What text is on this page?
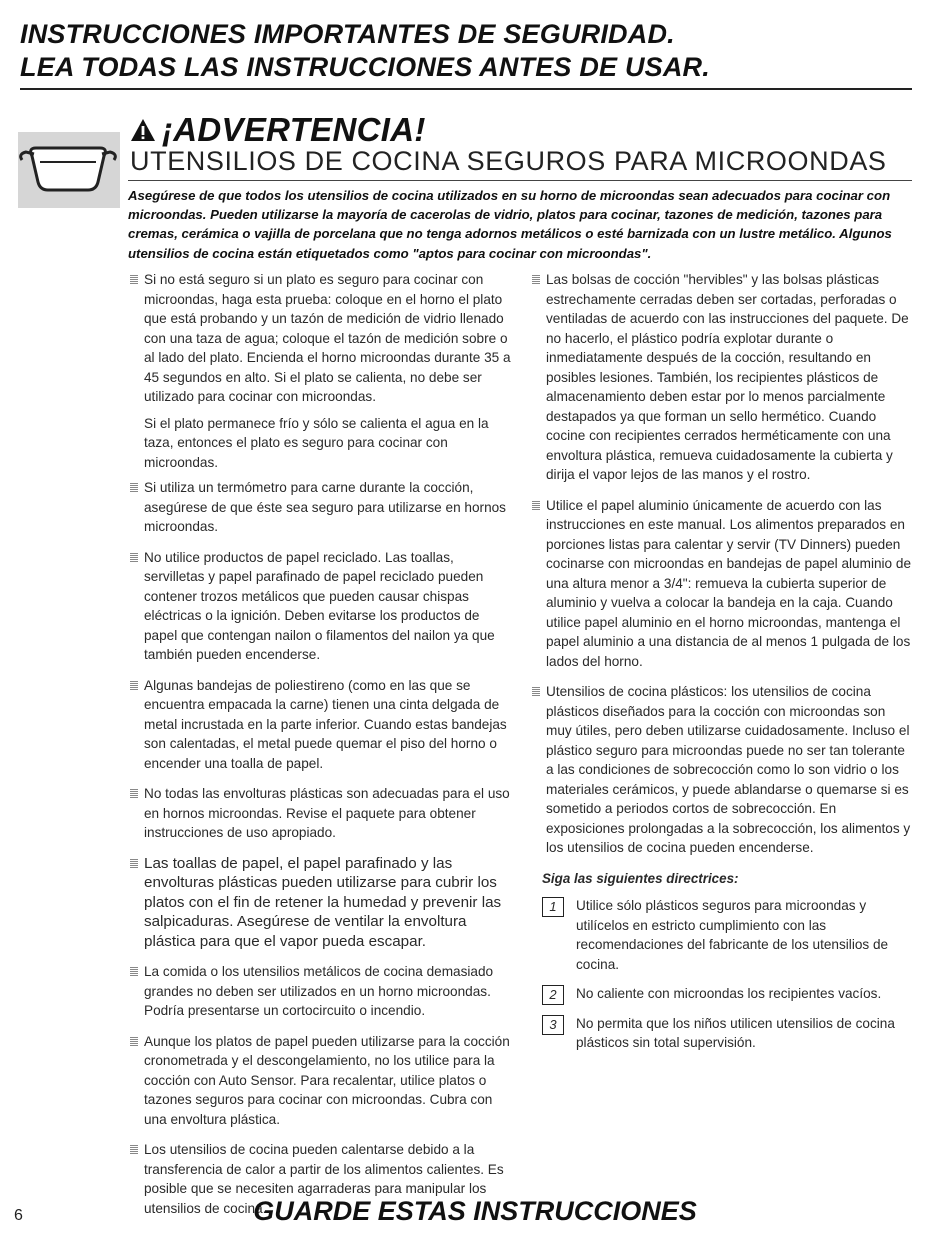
INSTRUCCIONES IMPORTANTES DE SEGURIDAD.
LEA TODAS LAS INSTRUCCIONES ANTES DE USAR.
¡ADVERTENCIA!
UTENSILIOS DE COCINA SEGUROS PARA MICROONDAS
Asegúrese de que todos los utensilios de cocina utilizados en su horno de microondas sean adecuados para cocinar con microondas. Pueden utilizarse la mayoría de cacerolas de vidrio, platos para cocinar, tazones de medición, tazones para cremas, cerámica o vajilla de porcelana que no tenga adornos metálicos o esté barnizada con un lustre metálico. Algunos utensilios de cocina están etiquetados como "aptos para cocinar con microondas".
Si no está seguro si un plato es seguro para cocinar con microondas, haga esta prueba: coloque en el horno el plato que está probando y un tazón de medición de vidrio llenado con una taza de agua; coloque el tazón de medición sobre o al lado del plato. Encienda el horno microondas durante 35 a 45 segundos en alto. Si el plato se calienta, no debe ser utilizado para cocinar con microondas.
Si el plato permanece frío y sólo se calienta el agua en la taza, entonces el plato es seguro para cocinar con microondas.
Si utiliza un termómetro para carne durante la cocción, asegúrese de que éste sea seguro para utilizarse en hornos microondas.
No utilice productos de papel reciclado. Las toallas, servilletas y papel parafinado de papel reciclado pueden contener trozos metálicos que pueden causar chispas eléctricas o la ignición. Deben evitarse los productos de papel que contengan nailon o filamentos del nailon ya que también pueden encenderse.
Algunas bandejas de poliestireno (como en las que se encuentra empacada la carne) tienen una cinta delgada de metal incrustada en la parte inferior. Cuando estas bandejas son calentadas, el metal puede quemar el piso del horno o encender una toalla de papel.
No todas las envolturas plásticas son adecuadas para el uso en hornos microondas. Revise el paquete para obtener instrucciones de uso apropiado.
Las toallas de papel, el papel parafinado y las envolturas plásticas pueden utilizarse para cubrir los platos con el fin de retener la humedad y prevenir las salpicaduras. Asegúrese de ventilar la envoltura plástica para que el vapor pueda escapar.
La comida o los utensilios metálicos de cocina demasiado grandes no deben ser utilizados en un horno microondas. Podría presentarse un cortocircuito o incendio.
Aunque los platos de papel pueden utilizarse para la cocción cronometrada y el descongelamiento, no los utilice para la cocción con Auto Sensor. Para recalentar, utilice platos o tazones seguros para cocinar con microondas. Cubra con una envoltura plástica.
Los utensilios de cocina pueden calentarse debido a la transferencia de calor a partir de los alimentos calientes. Es posible que se necesiten agarraderas para manipular los utensilios de cocina.
Las bolsas de cocción "hervibles" y las bolsas plásticas estrechamente cerradas deben ser cortadas, perforadas o ventiladas de acuerdo con las instrucciones del paquete. De no hacerlo, el plástico podría explotar durante o inmediatamente después de la cocción, resultando en posibles lesiones. También, los recipientes plásticos de almacenamiento deben estar por lo menos parcialmente destapados ya que forman un sello hermético. Cuando cocine con recipientes cerrados herméticamente con una envoltura plástica, remueva cuidadosamente la cubierta y dirija el vapor lejos de las manos y el rostro.
Utilice el papel aluminio únicamente de acuerdo con las instrucciones en este manual. Los alimentos preparados en porciones listas para calentar y servir (TV Dinners) pueden cocinarse con microondas en bandejas de papel aluminio de una altura menor a 3/4": remueva la cubierta superior de aluminio y vuelva a colocar la bandeja en la caja. Cuando utilice papel aluminio en el horno microondas, mantenga el papel aluminio a una distancia de al menos 1 pulgada de los lados del horno.
Utensilios de cocina plásticos: los utensilios de cocina plásticos diseñados para la cocción con microondas son muy útiles, pero deben utilizarse cuidadosamente. Incluso el plástico seguro para microondas puede no ser tan tolerante a las condiciones de sobrecocción como lo son vidrio o los materiales cerámicos, y puede ablandarse o quemarse si es sometido a periodos cortos de sobrecocción. En exposiciones prolongadas a la sobrecocción, los alimentos y los utensilios de cocina pueden encenderse.
Siga las siguientes directrices:
1	Utilice sólo plásticos seguros para microondas y utilícelos en estricto cumplimiento con las recomendaciones del fabricante de los utensilios de cocina.
2	No caliente con microondas los recipientes vacíos.
3	No permita que los niños utilicen utensilios de cocina plásticos sin total supervisión.
6	GUARDE ESTAS INSTRUCCIONES
